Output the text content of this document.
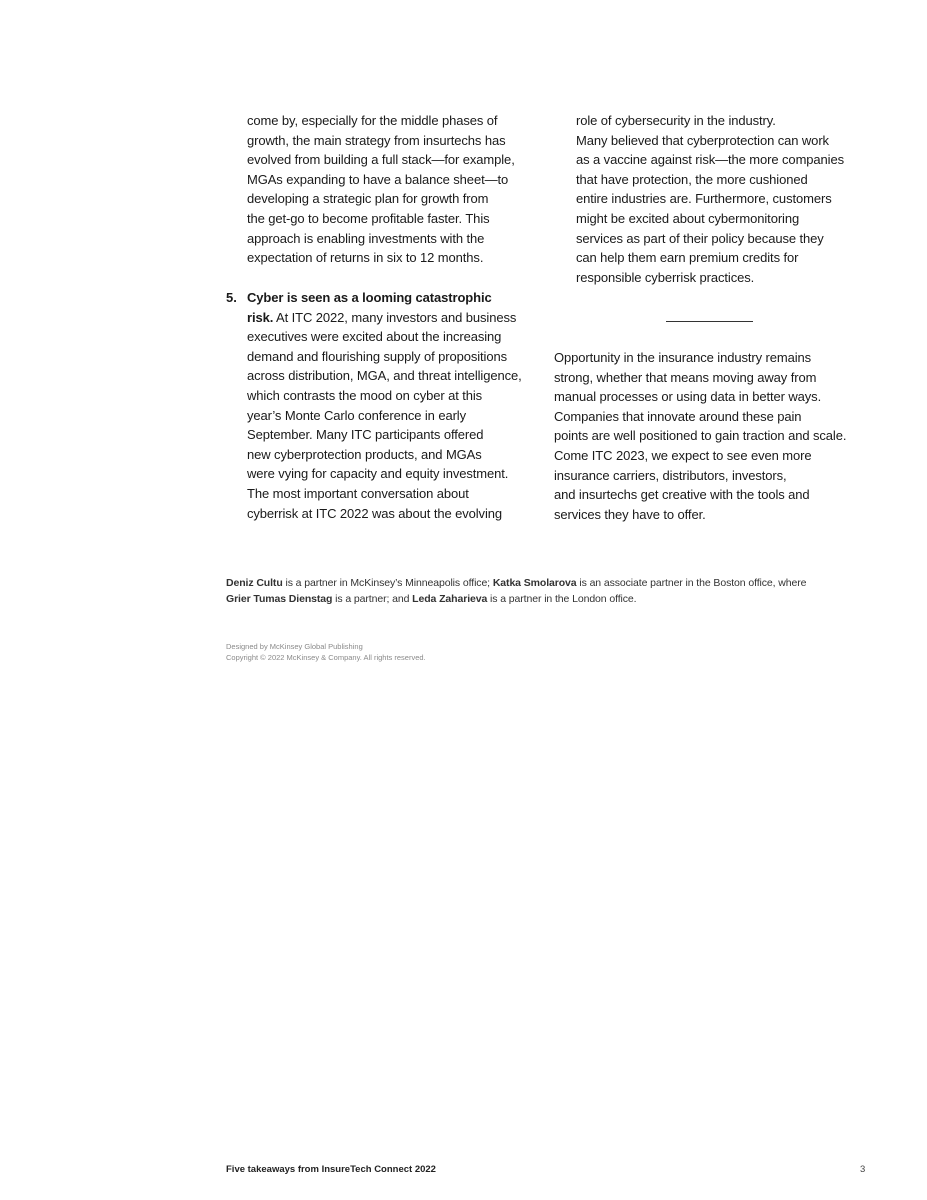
come by, especially for the middle phases of
growth, the main strategy from insurtechs has
evolved from building a full stack—for example,
MGAs expanding to have a balance sheet—to
developing a strategic plan for growth from
the get-go to become profitable faster. This
approach is enabling investments with the
expectation of returns in six to 12 months.
5. Cyber is seen as a looming catastrophic
risk. At ITC 2022, many investors and business
executives were excited about the increasing
demand and flourishing supply of propositions
across distribution, MGA, and threat intelligence,
which contrasts the mood on cyber at this
year’s Monte Carlo conference in early
September. Many ITC participants offered
new cyberprotection products, and MGAs
were vying for capacity and equity investment.
The most important conversation about
cyberrisk at ITC 2022 was about the evolving
role of cybersecurity in the industry.
Many believed that cyberprotection can work
as a vaccine against risk—the more companies
that have protection, the more cushioned
entire industries are. Furthermore, customers
might be excited about cybermonitoring
services as part of their policy because they
can help them earn premium credits for
responsible cyberrisk practices.
Opportunity in the insurance industry remains
strong, whether that means moving away from
manual processes or using data in better ways.
Companies that innovate around these pain
points are well positioned to gain traction and scale.
Come ITC 2023, we expect to see even more
insurance carriers, distributors, investors,
and insurtechs get creative with the tools and
services they have to offer.
Deniz Cultu is a partner in McKinsey’s Minneapolis office; Katka Smolarova is an associate partner in the Boston office, where
Grier Tumas Dienstag is a partner; and Leda Zaharieva is a partner in the London office.
Designed by McKinsey Global Publishing
Copyright © 2022 McKinsey & Company. All rights reserved.
Five takeaways from InsureTech Connect 2022	3
